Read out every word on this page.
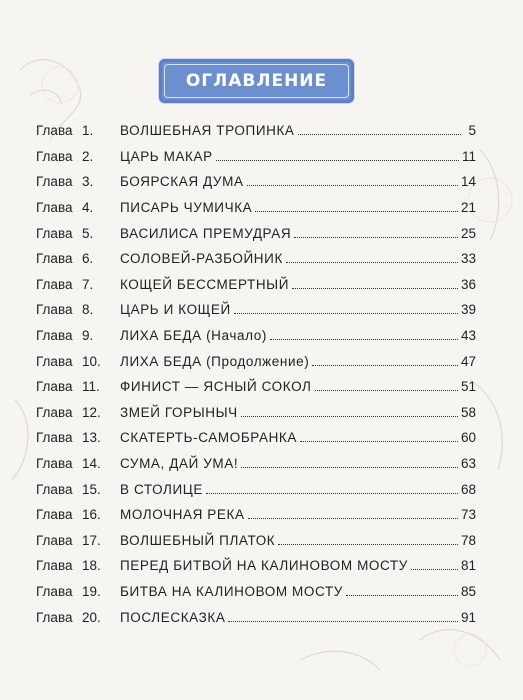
ОГЛАВЛЕНИЕ
Глава 1.	ВОЛШЕБНАЯ ТРОПИНКА	5
Глава 2.	ЦАРЬ МАКАР	11
Глава 3.	БОЯРСКАЯ ДУМА	14
Глава 4.	ПИСАРЬ ЧУМИЧКА	21
Глава 5.	ВАСИЛИСА ПРЕМУДРАЯ	25
Глава 6.	СОЛОВЕЙ-РАЗБОЙНИК	33
Глава 7.	КОЩЕЙ БЕССМЕРТНЫЙ	36
Глава 8.	ЦАРЬ И КОЩЕЙ	39
Глава 9.	ЛИХА БЕДА (Начало)	43
Глава 10.	ЛИХА БЕДА (Продолжение)	47
Глава 11.	ФИНИСТ — ЯСНЫЙ СОКОЛ	51
Глава 12.	ЗМЕЙ ГОРЫНЫЧ	58
Глава 13.	СКАТЕРТЬ-САМОБРАНКА	60
Глава 14.	СУМА, ДАЙ УМА!	63
Глава 15.	В СТОЛИЦЕ	68
Глава 16.	МОЛОЧНАЯ РЕКА	73
Глава 17.	ВОЛШЕБНЫЙ ПЛАТОК	78
Глава 18.	ПЕРЕД БИТВОЙ НА КАЛИНОВОМ МОСТУ	81
Глава 19.	БИТВА НА КАЛИНОВОМ МОСТУ	85
Глава 20.	ПОСЛЕСКАЗКА	91
